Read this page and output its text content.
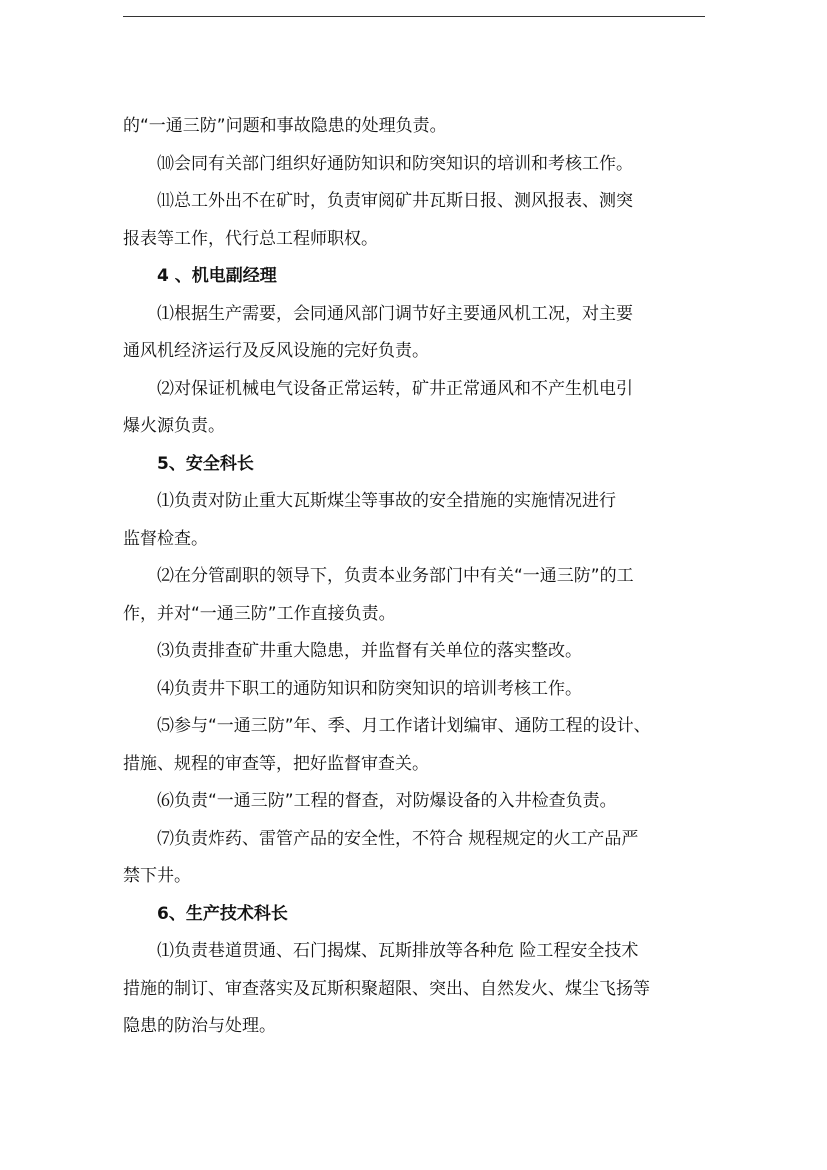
的“一通三防”问题和事故隐患的处理负责。

⑽会同有关部门组织好通防知识和防突知识的培训和考核工作。

⑾总工外出不在矿时，负责审阅矿井瓦斯日报、测风报表、测突

报表等工作，代行总工程师职权。

4 、机电副经理

⑴根据生产需要，会同通风部门调节好主要通风机工况，对主要

通风机经济运行及反风设施的完好负责。

⑵对保证机械电气设备正常运转，矿井正常通风和不产生机电引

爆火源负责。

5、安全科长

⑴负责对防止重大瓦斯煤尘等事故的安全措施的实施情况进行

监督检查。

⑵在分管副职的领导下，负责本业务部门中有关“一通三防”的工

作，并对“一通三防”工作直接负责。

⑶负责排查矿井重大隐患，并监督有关单位的落实整改。

⑷负责井下职工的通防知识和防突知识的培训考核工作。

⑸参与“一通三防”年、季、月工作诸计划编审、通防工程的设计、

措施、规程的审查等，把好监督审查关。

⑹负责“一通三防”工程的督查，对防爆设备的入井检查负责。

⑺负责炸药、雷管产品的安全性，不符合 规程规定的火工产品严

禁下井。

6、生产技术科长

⑴负责巷道贯通、石门揭煤、瓦斯排放等各种危 险工程安全技术

措施的制订、审查落实及瓦斯积聚超限、突出、自然发火、煤尘飞扬等

隐患的防治与处理。
